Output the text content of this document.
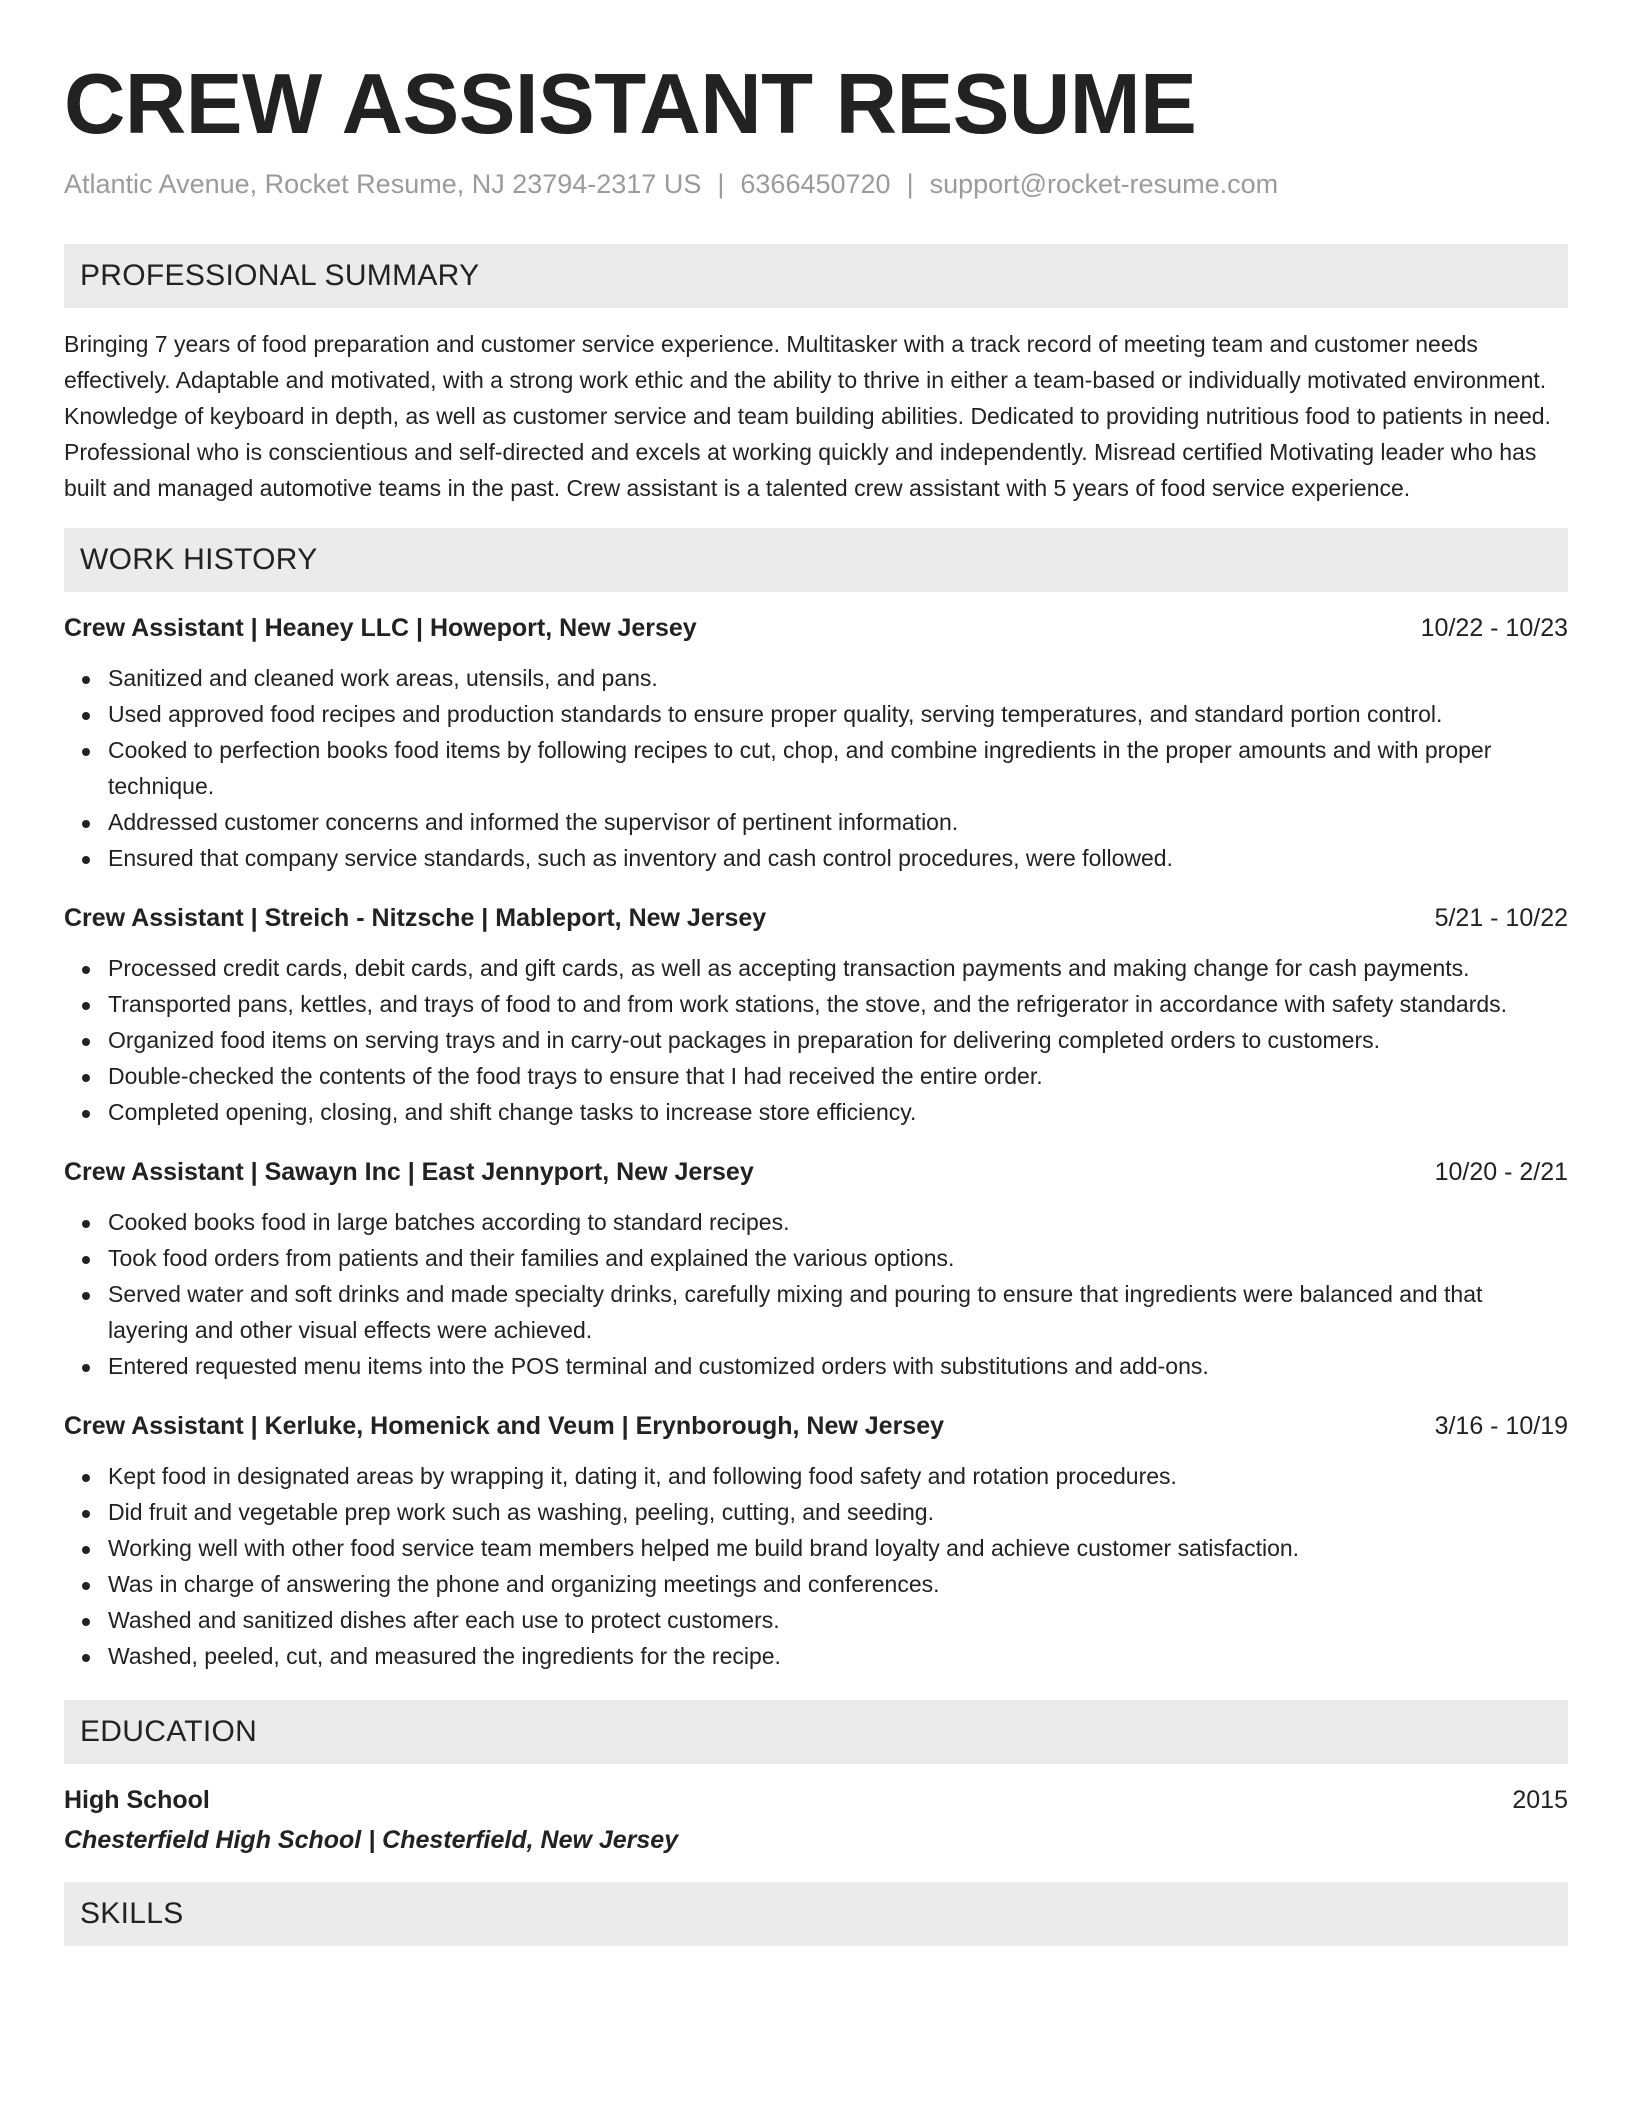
CREW ASSISTANT RESUME
Atlantic Avenue, Rocket Resume, NJ 23794-2317 US | 6366450720 | support@rocket-resume.com
PROFESSIONAL SUMMARY

Bringing 7 years of food preparation and customer service experience. Multitasker with a track record of meeting team and customer needs effectively. Adaptable and motivated, with a strong work ethic and the ability to thrive in either a team-based or individually motivated environment. Knowledge of keyboard in depth, as well as customer service and team building abilities. Dedicated to providing nutritious food to patients in need. Professional who is conscientious and self-directed and excels at working quickly and independently. Misread certified Motivating leader who has built and managed automotive teams in the past. Crew assistant is a talented crew assistant with 5 years of food service experience.

WORK HISTORY
Crew Assistant | Heaney LLC | Howeport, New Jersey	10/22 - 10/23
Sanitized and cleaned work areas, utensils, and pans.
Used approved food recipes and production standards to ensure proper quality, serving temperatures, and standard portion control.
Cooked to perfection books food items by following recipes to cut, chop, and combine ingredients in the proper amounts and with proper technique.
Addressed customer concerns and informed the supervisor of pertinent information.
Ensured that company service standards, such as inventory and cash control procedures, were followed.
Crew Assistant | Streich - Nitzsche | Mableport, New Jersey	5/21 - 10/22
Processed credit cards, debit cards, and gift cards, as well as accepting transaction payments and making change for cash payments.
Transported pans, kettles, and trays of food to and from work stations, the stove, and the refrigerator in accordance with safety standards.
Organized food items on serving trays and in carry-out packages in preparation for delivering completed orders to customers.
Double-checked the contents of the food trays to ensure that I had received the entire order.
Completed opening, closing, and shift change tasks to increase store efficiency.
Crew Assistant | Sawayn Inc | East Jennyport, New Jersey	10/20 - 2/21
Cooked books food in large batches according to standard recipes.
Took food orders from patients and their families and explained the various options.
Served water and soft drinks and made specialty drinks, carefully mixing and pouring to ensure that ingredients were balanced and that layering and other visual effects were achieved.
Entered requested menu items into the POS terminal and customized orders with substitutions and add-ons.
Crew Assistant | Kerluke, Homenick and Veum | Erynborough, New Jersey	3/16 - 10/19
Kept food in designated areas by wrapping it, dating it, and following food safety and rotation procedures.
Did fruit and vegetable prep work such as washing, peeling, cutting, and seeding.
Working well with other food service team members helped me build brand loyalty and achieve customer satisfaction.
Was in charge of answering the phone and organizing meetings and conferences.
Washed and sanitized dishes after each use to protect customers.
Washed, peeled, cut, and measured the ingredients for the recipe.
EDUCATION
High School	2015
Chesterfield High School | Chesterfield, New Jersey
SKILLS
